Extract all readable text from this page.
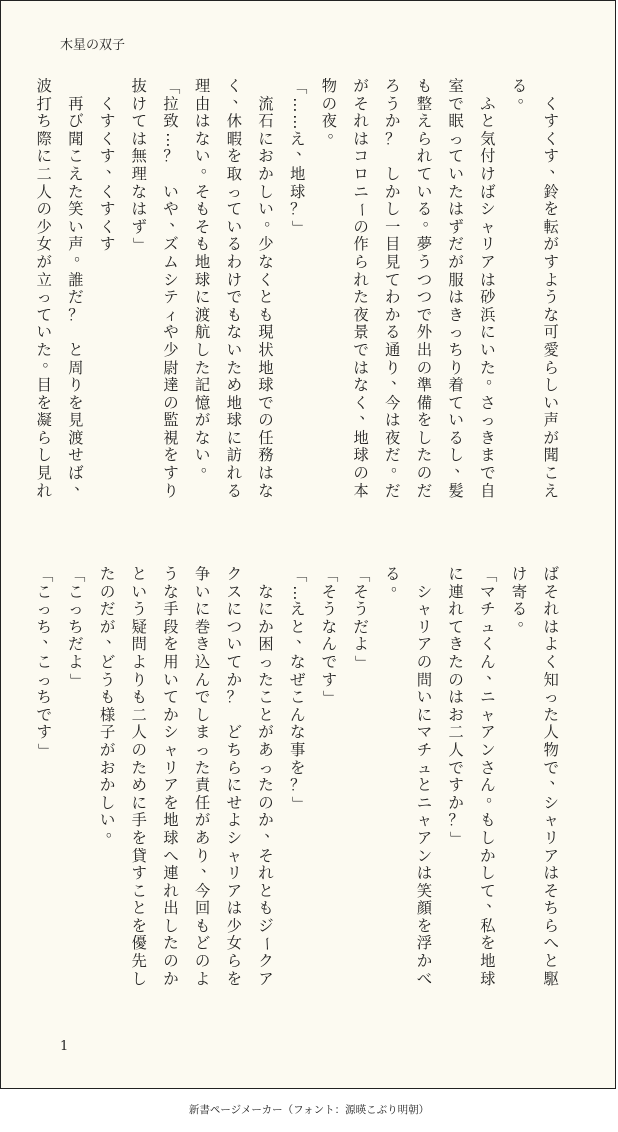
木星の双子

く
す
く
す
、
鈴
を
転
が
す
よ
う
な
可
愛
ら
し
い
声
が
聞
こ
え
る
。

ふ
と
気
付
け
ば
シ
ャ
リ
ア
は
砂
浜
に
い
た
。
さ
っ
き
ま
で
自
室
で
眠
っ
て
い
た
は
ず
だ
が
服
は
き
っ
ち
り
着
て
い
る
し
、
髪
も
整
え
ら
れ
て
い
る
。
夢
う
つ
つ
で
外
出
の
準
備
を
し
た
の
だ
ろ
う
か
？

し
か
し
一
目
見
て
わ
か
る
通
り
、
今
は
夜
だ
。
だ
が
そ
れ
は
コ
ロ
ニ
ー
の
作
ら
れ
た
夜
景
で
は
な
く
、
地
球
の
本
物
の
夜
。
「
…
…
え
、
地
球
？
」

流
石
に
お
か
し
い
。
少
な
く
と
も
現
状
地
球
で
の
任
務
は
な
く
、
休
暇
を
取
っ
て
い
る
わ
け
で
も
な
い
た
め
地
球
に
訪
れ
る
理
由
は
な
い
。
そ
も
そ
も
地
球
に
渡
航
し
た
記
憶
が
な
い
。
「
拉
致
…
？

い
や
、
ズ
ム
シ
テ
ィ
や
少
尉
達
の
監
視
を
す
り
抜
け
て
は
無
理
な
は
ず
」

く
す
く
す
、
く
す
く
す

再
び
聞
こ
え
た
笑
い
声
。
誰
だ
？

と
周
り
を
見
渡
せ
ば
、
波
打
ち
際
に
二
人
の
少
女
が
立
っ
て
い
た
。
目
を
凝
ら
し
見
れ
ば
そ
れ
は
よ
く
知
っ
た
人
物
で
、
シ
ャ
リ
ア
は
そ
ち
ら
へ
と
駆
け
寄
る
。
「
マ
チ
ュ
く
ん
、
ニ
ャ
ア
ン
さ
ん
。
も
し
か
し
て
、
私
を
地
球
に
連
れ
て
き
た
の
は
お
二
人
で
す
か
？
」

シ
ャ
リ
ア
の
問
い
に
マ
チ
ュ
と
ニ
ャ
ア
ン
は
笑
顔
を
浮
か
べ
る
。
「
そ
う
だ
よ
」
「
そ
う
な
ん
で
す
」
「
…
え
と
、
な
ぜ
こ
ん
な
事
を
？
」

な
に
か
困
っ
た
こ
と
が
あ
っ
た
の
か
、
そ
れ
と
も
ジ
ー
ク
ア
ク
ス
に
つ
い
て
か
？

ど
ち
ら
に
せ
よ
シ
ャ
リ
ア
は
少
女
ら
を
争
い
に
巻
き
込
ん
で
し
ま
っ
た
責
任
が
あ
り
、
今
回
も
ど
の
よ
う
な
手
段
を
用
い
て
か
シ
ャ
リ
ア
を
地
球
へ
連
れ
出
し
た
の
か
と
い
う
疑
問
よ
り
も
二
人
の
た
め
に
手
を
貸
す
こ
と
を
優
先
し
た
の
だ
が
、
ど
う
も
様
子
が
お
か
し
い
。
「
こ
っ
ち
だ
よ
」
「
こ
っ
ち
、
こ
っ
ち
で
す
」
1
新書ページメーカー（フォント：源暎こぶり明朝）
